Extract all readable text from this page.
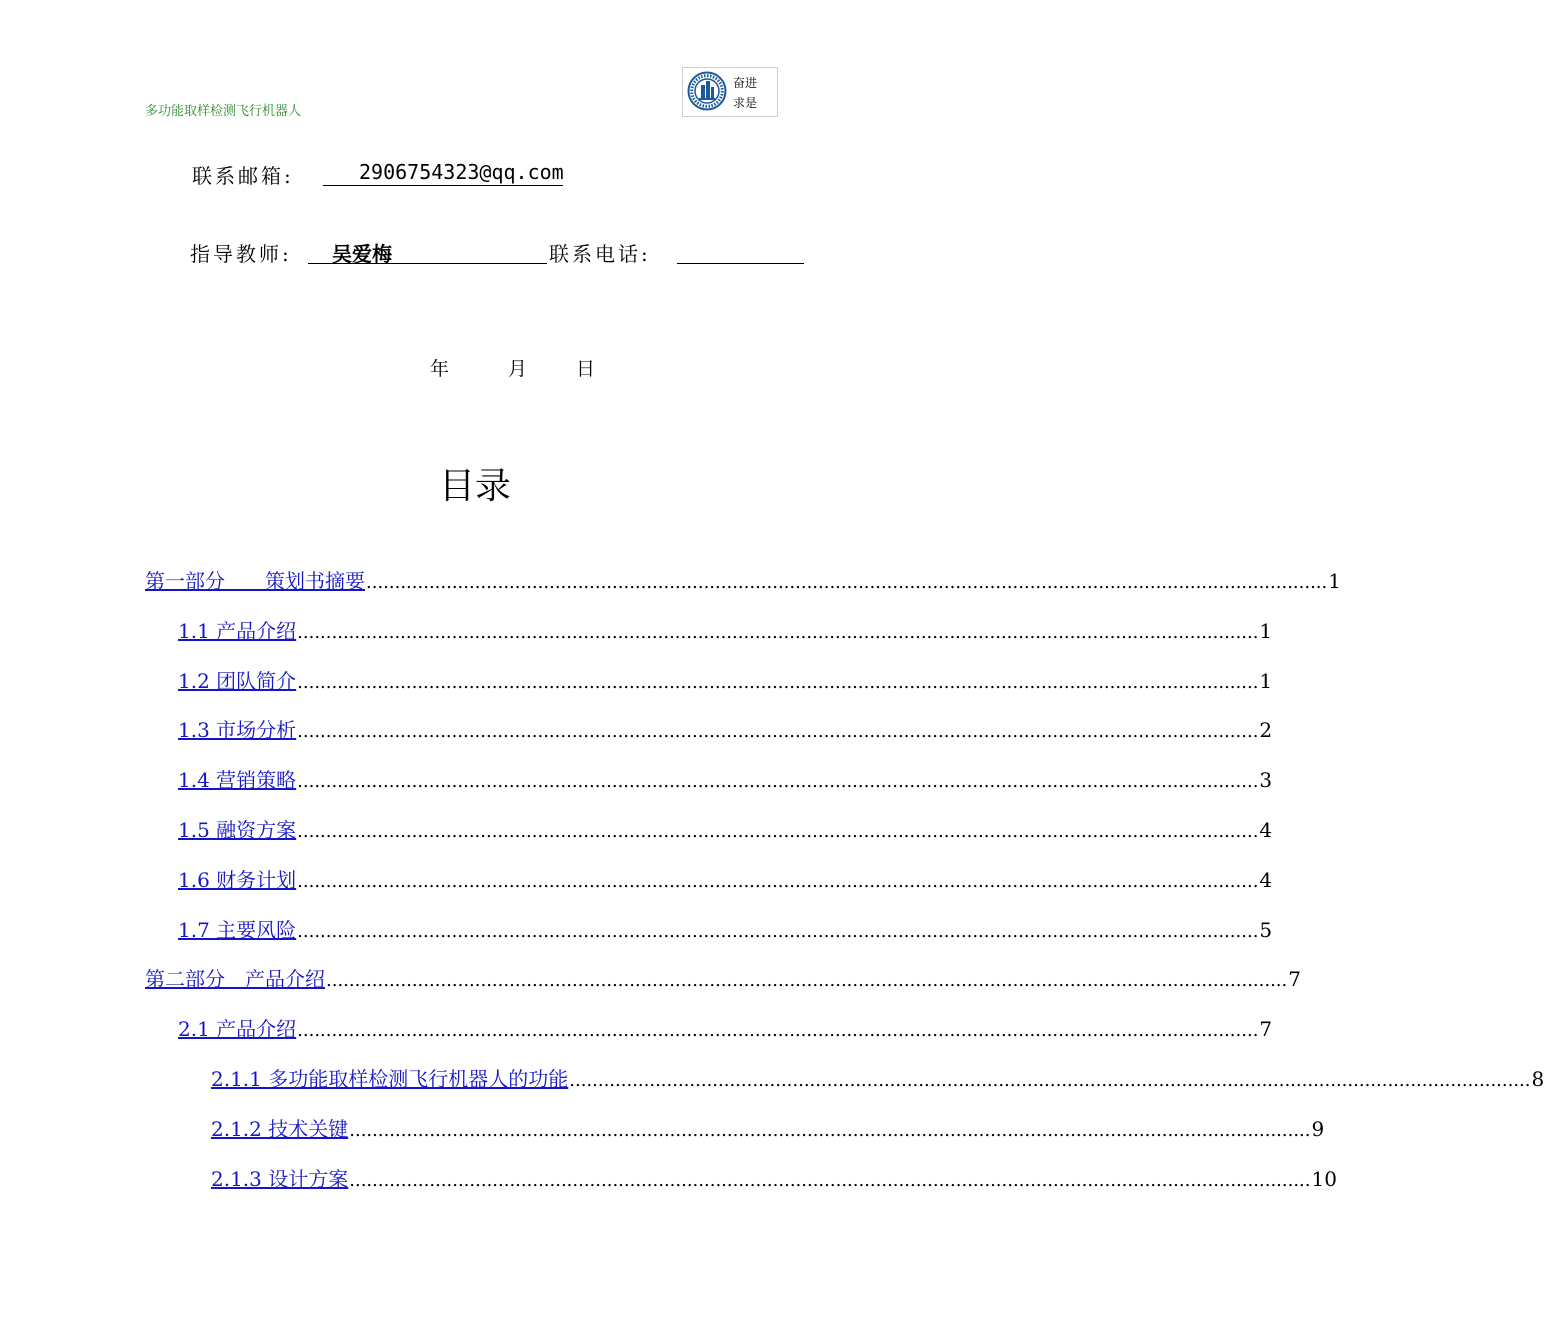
多功能取样检测飞行机器人
奋进
求是
联系邮箱:	2906754323@qq.com
指导教师: 吴爱梅	联系电话:
年	月	日
目录
第一部分　　策划书摘要 ........................................................................................................................................................................ 1
1.1 产品介绍 ........................................................................................................................................................................ 1
1.2 团队简介 ........................................................................................................................................................................ 1
1.3 市场分析 ........................................................................................................................................................................ 2
1.4 营销策略 ........................................................................................................................................................................ 3
1.5 融资方案 ........................................................................................................................................................................ 4
1.6 财务计划 ........................................................................................................................................................................ 4
1.7 主要风险 ........................................................................................................................................................................ 5
第二部分　产品介绍 ........................................................................................................................................................................ 7
2.1 产品介绍 ........................................................................................................................................................................ 7
2.1.1 多功能取样检测飞行机器人的功能 ........................................................................................................................................................................ 8
2.1.2 技术关键 ........................................................................................................................................................................ 9
2.1.3 设计方案 ........................................................................................................................................................................ 10
